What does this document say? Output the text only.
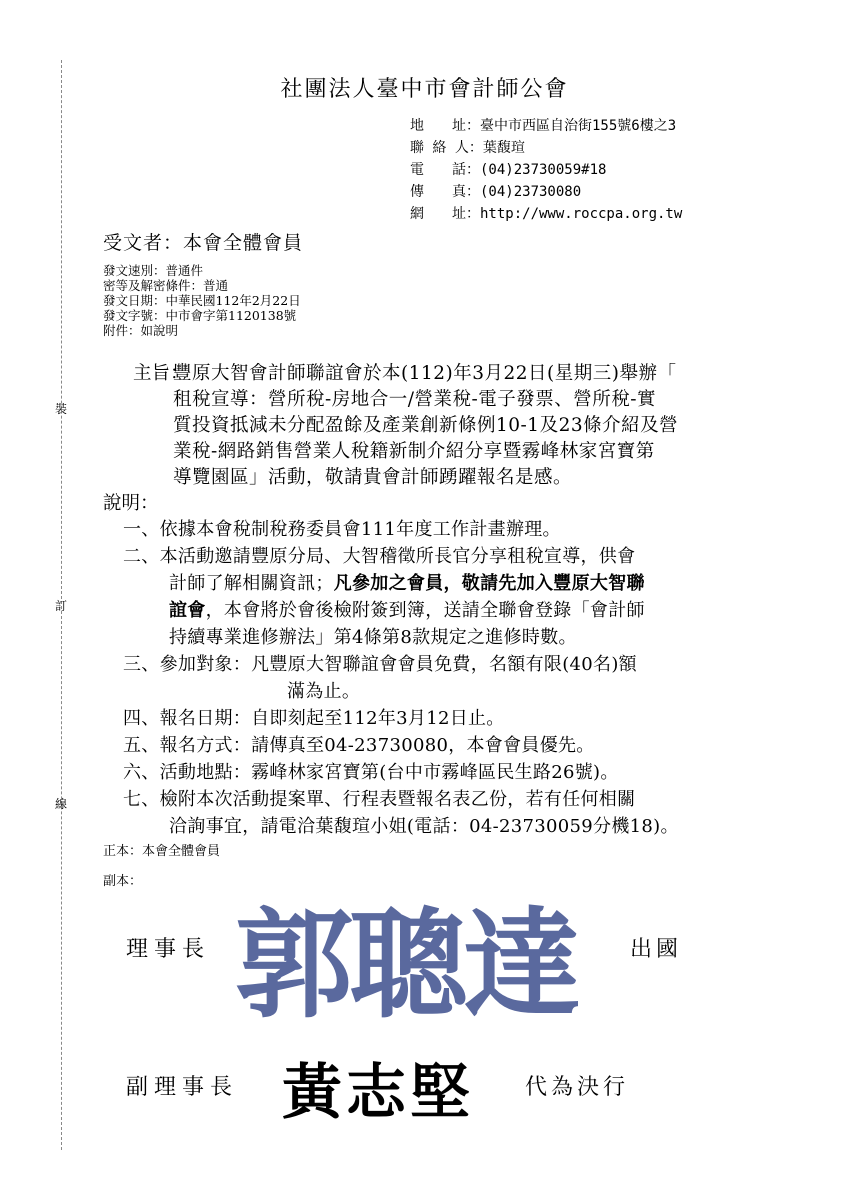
裝
訂
線
社團法人臺中市會計師公會
地　　址：臺中市西區自治街155號6樓之3
聯 絡 人：葉馥瑄
電　　話：(04)23730059#18
傳　　真：(04)23730080
網　　址：http://www.roccpa.org.tw
受文者：本會全體會員
發文速別：普通件
密等及解密條件：普通
發文日期：中華民國112年2月22日
發文字號：中市會字第1120138號
附件：如說明
主旨：
豐原大智會計師聯誼會於本(112)年3月22日(星期三)舉辦「
租稅宣導：營所稅-房地合一/營業稅-電子發票、營所稅-實
質投資抵減未分配盈餘及產業創新條例10-1及23條介紹及營
業稅-網路銷售營業人稅籍新制介紹分享暨霧峰林家宮寶第
導覽園區」活動，敬請貴會計師踴躍報名是感。
說明：
一、依據本會稅制稅務委員會111年度工作計畫辦理。
二、本活動邀請豐原分局、大智稽徵所長官分享租稅宣導，供會
計師了解相關資訊；凡參加之會員，敬請先加入豐原大智聯
誼會，本會將於會後檢附簽到簿，送請全聯會登錄「會計師
持續專業進修辦法」第4條第8款規定之進修時數。
三、參加對象：凡豐原大智聯誼會會員免費，名額有限(40名)額
滿為止。
四、報名日期：自即刻起至112年3月12日止。
五、報名方式：請傳真至04-23730080，本會會員優先。
六、活動地點：霧峰林家宮寶第(台中市霧峰區民生路26號)。
七、檢附本次活動提案單、行程表暨報名表乙份，若有任何相關
洽詢事宜，請電洽葉馥瑄小姐(電話：04-23730059分機18)。
正本：本會全體會員
副本：
理事長 郭聰達 出國
副理事長 黃志堅 代為決行
